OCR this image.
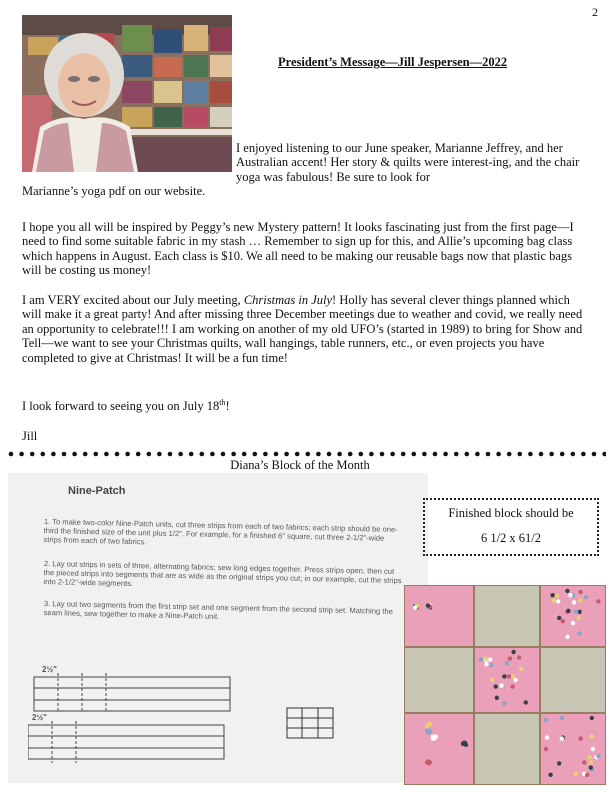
2
President’s Message—Jill Jespersen—2022
I enjoyed listening to our June speaker, Marianne Jeffrey, and her Australian accent! Her story & quilts were interest-ing, and the chair yoga was fabulous! Be sure to look for
Marianne’s yoga pdf on our website.
I hope you all will be inspired by Peggy’s new Mystery pattern! It looks fascinating just from the first page—I need to find some suitable fabric in my stash … Remember to sign up for this, and Allie’s upcoming bag class which happens in August. Each class is $10. We all need to be making our reusable bags now that plastic bags will be costing us money!
I am VERY excited about our July meeting, Christmas in July! Holly has several clever things planned which will make it a great party! And after missing three December meetings due to weather and covid, we really need an opportunity to celebrate!!! I am working on another of my old UFO’s (started in 1989) to bring for Show and Tell—we want to see your Christmas quilts, wall hangings, table runners, etc., or even projects you have completed to give at Christmas! It will be a fun time!
I look forward to seeing you on July 18th!
Jill
Diana’s Block of the Month
Nine-Patch
1. To make two-color Nine-Patch units, cut three strips from each of two fabrics; each strip should be one-third the finished size of the unit plus 1/2". For example, for a finished 6" square, cut three 2-1/2"-wide strips from each of two fabrics.
2. Lay out strips in sets of three, alternating fabrics; sew long edges together. Press strips open, then cut the pieced strips into segments that are as wide as the original strips you cut; in our example, cut the strips into 2-1/2"-wide segments.
3. Lay out two segments from the first strip set and one segment from the second strip set. Matching the seam lines, sew together to make a Nine-Patch unit.
2½"
2½"
Finished block should be
6 1/2 x 61/2
